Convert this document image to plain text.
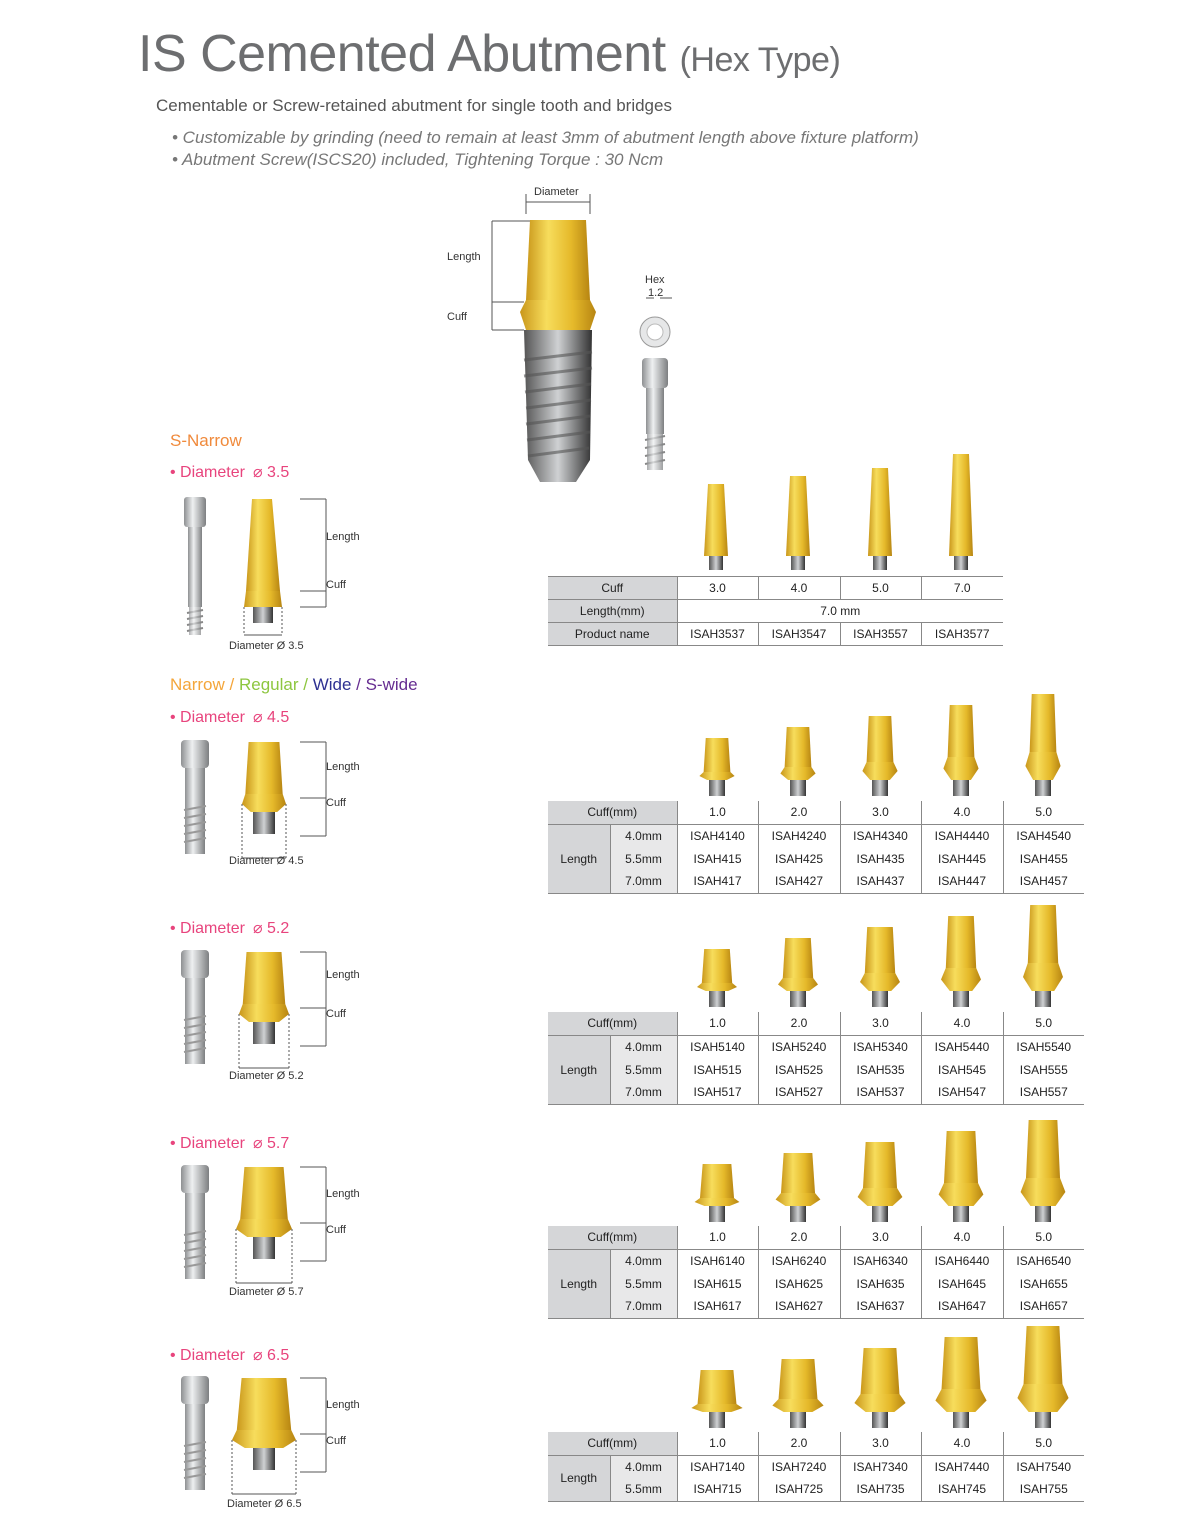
IS Cemented Abutment (Hex Type)
Cementable or Screw-retained abutment for single tooth and bridges
• Customizable by grinding (need to remain at least 3mm of abutment length above fixture platform)
• Abutment Screw(ISCS20) included, Tightening Torque : 30 Ncm
Diameter
Length
Cuff
Hex
1.2
S-Narrow
• Diameter ⌀ 3.5
Length
Cuff
Diameter Ø 3.5
Cuff	3.0	4.0	5.0	7.0
Length(mm)	7.0 mm			
Product name	ISAH3537	ISAH3547	ISAH3557	ISAH3577
Narrow / Regular / Wide / S-wide
• Diameter ⌀ 4.5
Length
Cuff
Diameter Ø 4.5
• Diameter ⌀ 5.2
Length
Cuff
Diameter Ø 5.2
• Diameter ⌀ 5.7
Length
Cuff
Diameter Ø 5.7
• Diameter ⌀ 6.5
Length
Cuff
Diameter Ø 6.5
Cuff(mm)		1.0	2.0	3.0	4.0	5.0
Length	4.0mm	ISAH4140	ISAH4240	ISAH4340	ISAH4440	ISAH4540
	5.5mm	ISAH415	ISAH425	ISAH435	ISAH445	ISAH455
	7.0mm	ISAH417	ISAH427	ISAH437	ISAH447	ISAH457
Cuff(mm)		1.0	2.0	3.0	4.0	5.0
Length	4.0mm	ISAH5140	ISAH5240	ISAH5340	ISAH5440	ISAH5540
	5.5mm	ISAH515	ISAH525	ISAH535	ISAH545	ISAH555
	7.0mm	ISAH517	ISAH527	ISAH537	ISAH547	ISAH557
Cuff(mm)		1.0	2.0	3.0	4.0	5.0
Length	4.0mm	ISAH6140	ISAH6240	ISAH6340	ISAH6440	ISAH6540
	5.5mm	ISAH615	ISAH625	ISAH635	ISAH645	ISAH655
	7.0mm	ISAH617	ISAH627	ISAH637	ISAH647	ISAH657
Cuff(mm)		1.0	2.0	3.0	4.0	5.0
Length	4.0mm	ISAH7140	ISAH7240	ISAH7340	ISAH7440	ISAH7540
	5.5mm	ISAH715	ISAH725	ISAH735	ISAH745	ISAH755
